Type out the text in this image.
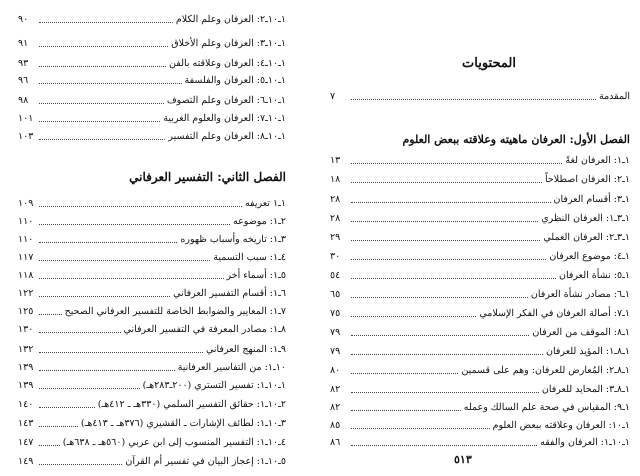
١ـ١٠ـ٢: العرفان وعلم الكلام
٩٠
١ـ١٠ـ٣: العرفان وعلم الأخلاق
٩١
١ـ١٠ـ٤: العرفان وعلاقته بالفن
٩٣
١ـ١٠ـ٥: العرفان والفلسفة
٩٦
١ـ١٠ـ٦: العرفان وعلم التصوف
٩٨
١ـ١٠ـ٧: العرفان والعلوم الغربية
١٠١
١ـ١٠ـ٨: العرفان وعلم التفسير
١٠٣
الفصل الثاني: التفسير العرفاني
١ـ١ تعريفه
١٠٩
٢ـ١: موضوعه
١١٠
٣ـ١: تاريخه وأسباب ظهوره
١١٠
٤ـ١: سبب التسمية
١١٧
٥ـ١: أسماء أخر
١١٨
٦ـ١: أقسام التفسير العرفاني
١٢٢
٧ـ١: المعايير والضوابط الخاصة للتفسير العرفاني الصحيح
١٢٥
٨ـ١: مصادر المعرفة في التفسير العرفاني
١٣٠
٩ـ١: المنهج العرفاني
١٣٢
١٠ـ١: من التفاسير العرفانية
١٣٩
١ـ١٠ـ١: تفسير التستري (٢٠٠ـ٢٨٣هـ)
١٣٩
٢ـ١٠ـ١: حقائق التفسير السلمي (٣٣٠هـ ـ ٤١٢هـ)
١٤٠
٣ـ١٠ـ١: لطائف الإشارات ـ القشيري (٣٧٦هـ ـ ٤١٣هـ)
١٤٣
٤ـ١٠ـ١: التفسير المنسوب إلى ابن عربي (٥٦٠هـ ـ ٦٣٨هـ)
١٤٧
٥ـ١٠ـ١: إعجاز البيان في تفسير أم القرآن
١٤٩
المحتويات
المقدمة
٧
الفصل الأول: العرفان ماهيته وعلاقته ببعض العلوم
١ـ١: العرفان لغةً
١٣
١ـ٢: العرفان اصطلاحاً
١٨
١ـ٣: أقسام العرفان
٢٨
١ـ٣ـ١: العرفان النظري
٢٨
١ـ٣ـ٢: العرفان العملي
٢٩
١ـ٤: موضوع العرفان
٣٠
١ـ٥: نشأة العرفان
٥٤
١ـ٦: مصادر نشأة العرفان
٦٥
١ـ٧: أصالة العرفان في الفكر الإسلامي
٧٥
١ـ٨: الموقف من العرفان
٧٩
١ـ٨ـ١: المؤيد للعرفان
٧٩
١ـ٨ـ٢: المُعارض للعرفان: وهم على قسمين
٨٠
١ـ٨ـ٣: المحايد للعرفان
٨٢
١ـ٩: المقياس في صحة علم السالك وعمله
٨٢
١ـ١٠: العرفان وعلاقته ببعض العلوم
٨٥
١ـ١٠ـ١: العرفان والفقه
٨٦
٥١٣
